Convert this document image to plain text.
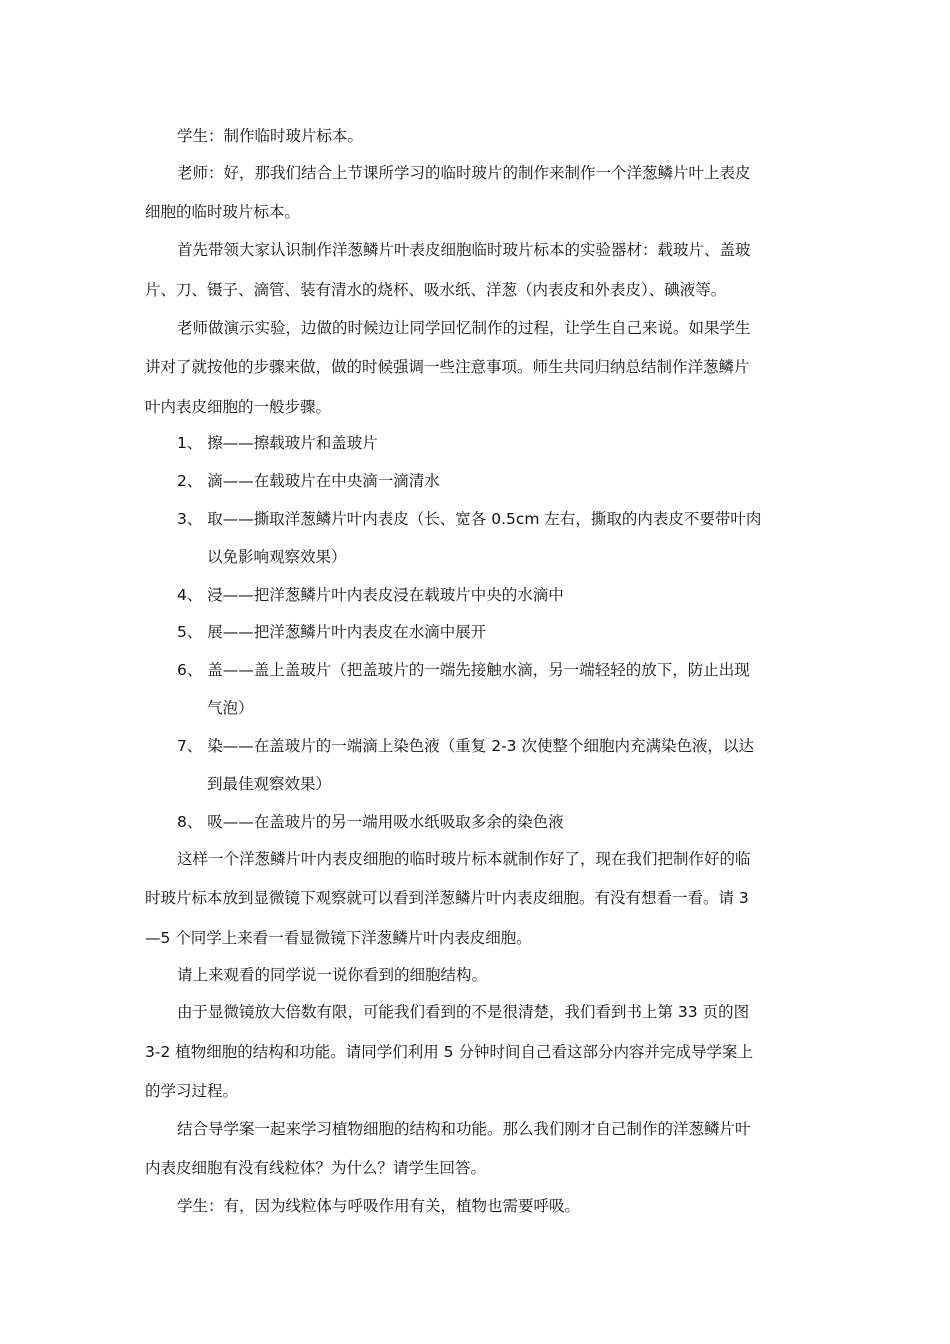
学生：制作临时玻片标本。
老师：好，那我们结合上节课所学习的临时玻片的制作来制作一个洋葱鳞片叶上表皮
细胞的临时玻片标本。
首先带领大家认识制作洋葱鳞片叶表皮细胞临时玻片标本的实验器材：载玻片、盖玻
片、刀、镊子、滴管、装有清水的烧杯、吸水纸、洋葱（内表皮和外表皮）、碘液等。
老师做演示实验，边做的时候边让同学回忆制作的过程，让学生自己来说。如果学生
讲对了就按他的步骤来做，做的时候强调一些注意事项。师生共同归纳总结制作洋葱鳞片
叶内表皮细胞的一般步骤。
1、 擦——擦载玻片和盖玻片
2、 滴——在载玻片在中央滴一滴清水
3、 取——撕取洋葱鳞片叶内表皮（长、宽各 0.5cm 左右，撕取的内表皮不要带叶肉
以免影响观察效果）
4、 浸——把洋葱鳞片叶内表皮浸在载玻片中央的水滴中
5、 展——把洋葱鳞片叶内表皮在水滴中展开
6、 盖——盖上盖玻片（把盖玻片的一端先接触水滴，另一端轻轻的放下，防止出现
气泡）
7、 染——在盖玻片的一端滴上染色液（重复 2-3 次使整个细胞内充满染色液，以达
到最佳观察效果）
8、 吸——在盖玻片的另一端用吸水纸吸取多余的染色液
这样一个洋葱鳞片叶内表皮细胞的临时玻片标本就制作好了，现在我们把制作好的临
时玻片标本放到显微镜下观察就可以看到洋葱鳞片叶内表皮细胞。有没有想看一看。请 3
—5 个同学上来看一看显微镜下洋葱鳞片叶内表皮细胞。
请上来观看的同学说一说你看到的细胞结构。
由于显微镜放大倍数有限，可能我们看到的不是很清楚，我们看到书上第 33 页的图
3-2 植物细胞的结构和功能。请同学们利用 5 分钟时间自己看这部分内容并完成导学案上
的学习过程。
结合导学案一起来学习植物细胞的结构和功能。那么我们刚才自己制作的洋葱鳞片叶
内表皮细胞有没有线粒体？为什么？请学生回答。
学生：有，因为线粒体与呼吸作用有关，植物也需要呼吸。
